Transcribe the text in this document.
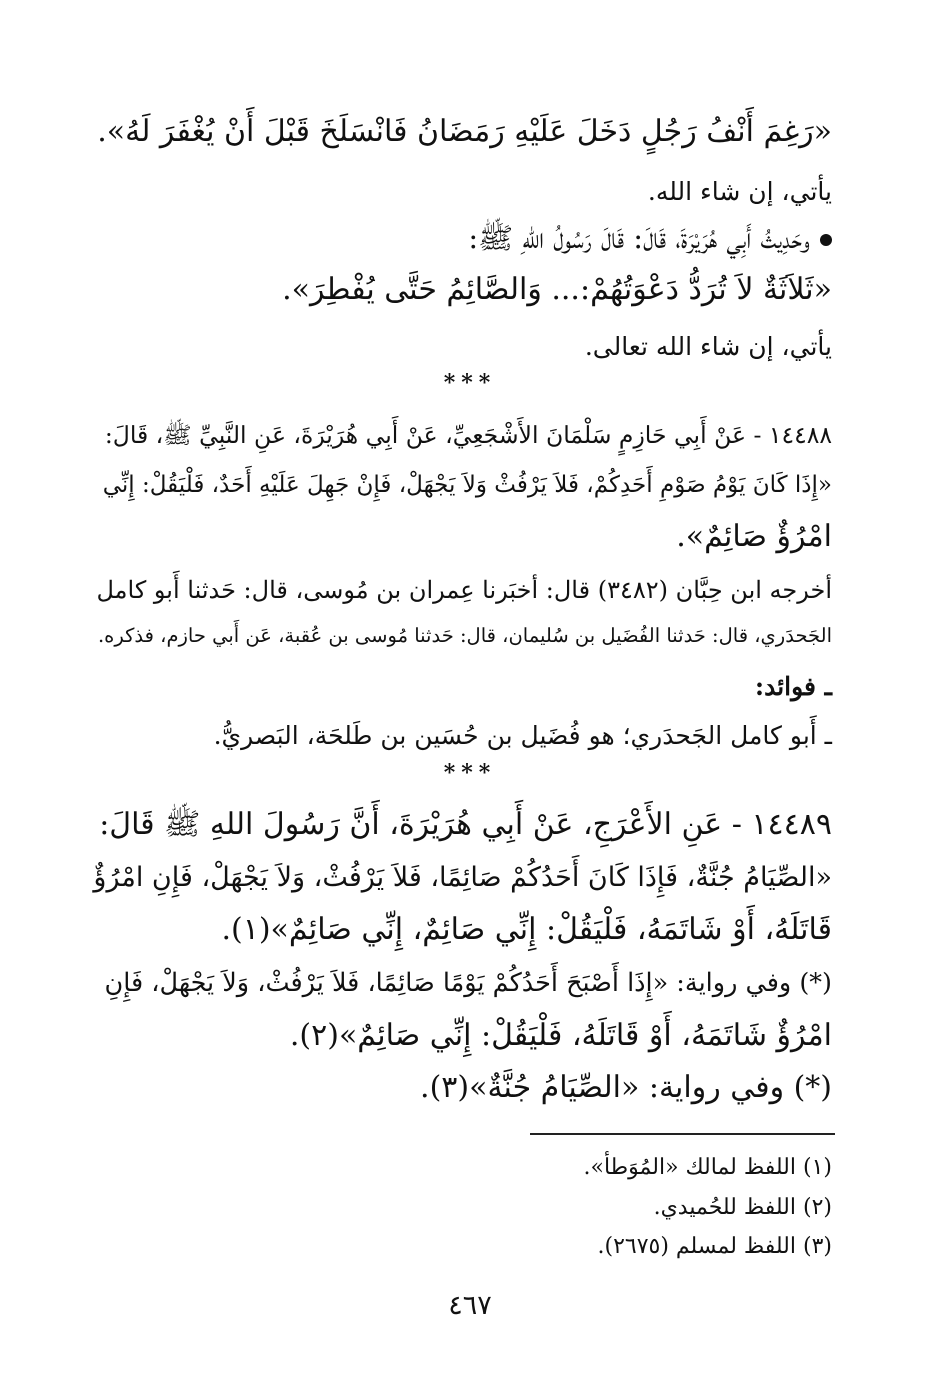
«رَغِمَ أَنْفُ رَجُلٍ دَخَلَ عَلَيْهِ رَمَضَانُ فَانْسَلَخَ قَبْلَ أَنْ يُغْفَرَ لَهُ».
يأتي، إن شاء الله.
وحَدِيثُ أَبِي هُرَيْرَةَ، قَالَ: قَالَ رَسُولُ اللهِ ﷺ:
«ثَلاَثَةٌ لاَ تُرَدُّ دَعْوَتُهُمْ:... وَالصَّائِمُ حَتَّى يُفْطِرَ».
يأتي، إن شاء الله تعالى.
***
١٤٤٨٨ - عَنْ أَبِي حَازِمٍ سَلْمَانَ الأَشْجَعِيِّ، عَنْ أَبِي هُرَيْرَةَ، عَنِ النَّبِيِّ ﷺ، قَالَ:
«إِذَا كَانَ يَوْمُ صَوْمِ أَحَدِكُمْ، فَلاَ يَرْفُثْ وَلاَ يَجْهَلْ، فَإِنْ جَهِلَ عَلَيْهِ أَحَدٌ، فَلْيَقُلْ: إِنِّي
امْرُؤٌ صَائِمٌ».
أخرجه ابن حِبَّان (٣٤٨٢) قال: أخبَرنا عِمران بن مُوسى، قال: حَدثنا أَبو كامل
الجَحدَري، قال: حَدثنا الفُضَيل بن سُليمان، قال: حَدثنا مُوسى بن عُقبة، عَن أَبي حازم، فذكره.
ـ فوائد:
ـ أَبو كامل الجَحدَري؛ هو فُضَيل بن حُسَين بن طَلحَة، البَصريُّ.
***
١٤٤٨٩ - عَنِ الأَعْرَجِ، عَنْ أَبِي هُرَيْرَةَ، أَنَّ رَسُولَ اللهِ ﷺ قَالَ:
«الصِّيَامُ جُنَّةٌ، فَإِذَا كَانَ أَحَدُكُمْ صَائِمًا، فَلاَ يَرْفُثْ، وَلاَ يَجْهَلْ، فَإِنِ امْرُؤٌ
قَاتَلَهُ، أَوْ شَاتَمَهُ، فَلْيَقُلْ: إِنِّي صَائِمٌ، إِنِّي صَائِمٌ»(١).
(*) وفي رواية: «إِذَا أَصْبَحَ أَحَدُكُمْ يَوْمًا صَائِمًا، فَلاَ يَرْفُثْ، وَلاَ يَجْهَلْ، فَإِنِ
امْرُؤٌ شَاتَمَهُ، أَوْ قَاتَلَهُ، فَلْيَقُلْ: إِنِّي صَائِمٌ»(٢).
(*) وفي رواية: «الصِّيَامُ جُنَّةٌ»(٣).
(١) اللفظ لمالك «المُوَطأ».
(٢) اللفظ للحُميدي.
(٣) اللفظ لمسلم (٢٦٧٥).
٤٦٧
